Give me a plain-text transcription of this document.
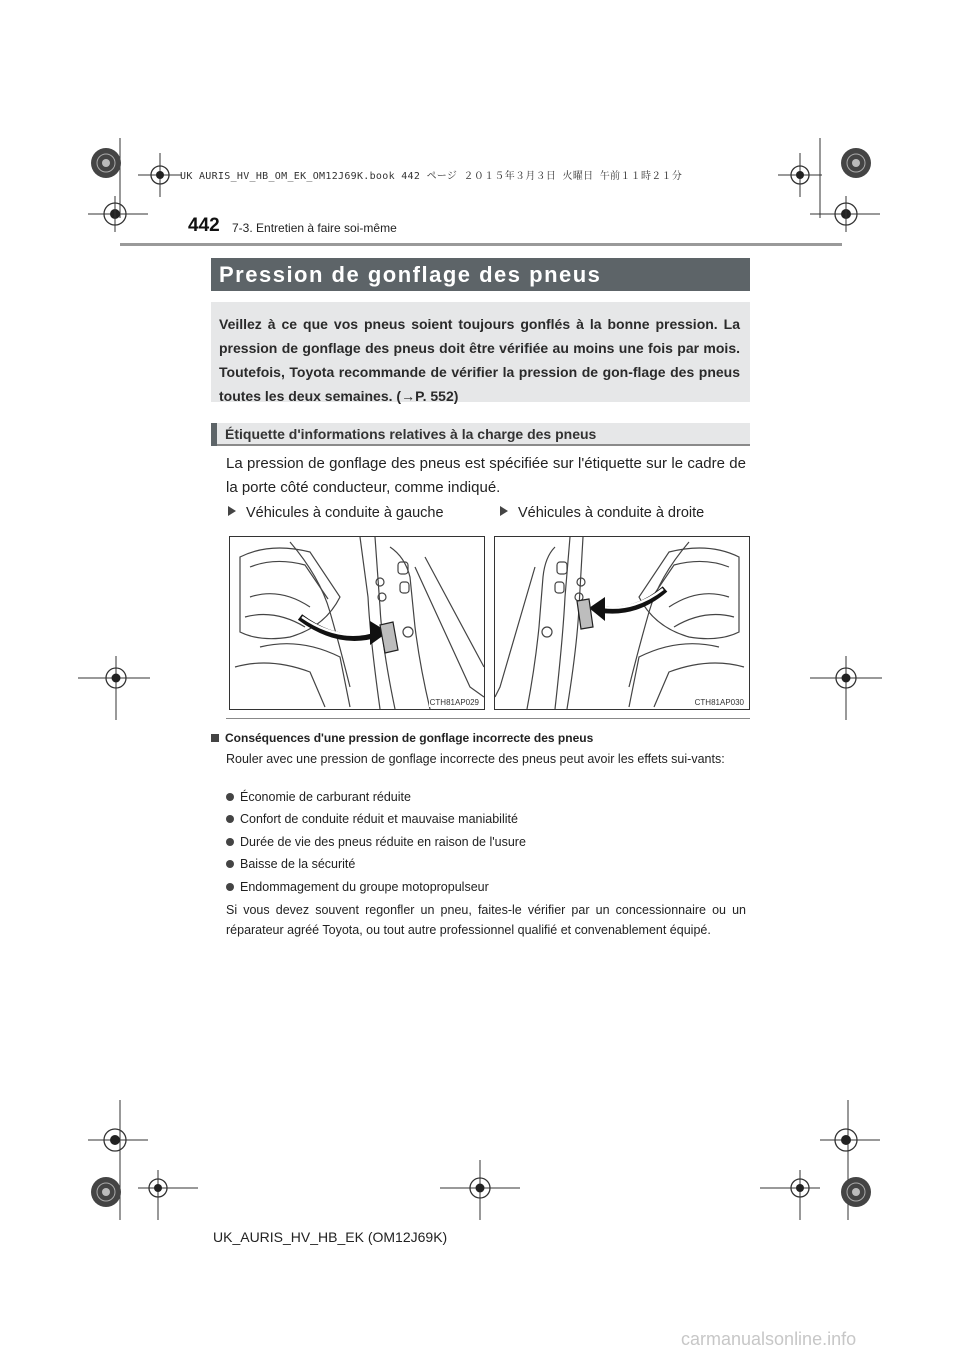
UK AURIS_HV_HB_OM_EK_OM12J69K.book 442 ページ ２０１５年３月３日 火曜日 午前１１時２１分
442 7-3. Entretien à faire soi-même
Pression de gonflage des pneus
Veillez à ce que vos pneus soient toujours gonflés à la bonne pression. La pression de gonflage des pneus doit être vérifiée au moins une fois par mois. Toutefois, Toyota recommande de vérifier la pression de gon-flage des pneus toutes les deux semaines. (→P. 552)
Étiquette d'informations relatives à la charge des pneus
La pression de gonflage des pneus est spécifiée sur l'étiquette sur le cadre de la porte côté conducteur, comme indiqué.
Véhicules à conduite à gauche	Véhicules à conduite à droite
CTH81AP029	CTH81AP030
Conséquences d'une pression de gonflage incorrecte des pneus
Rouler avec une pression de gonflage incorrecte des pneus peut avoir les effets sui-vants:
Économie de carburant réduite
Confort de conduite réduit et mauvaise maniabilité
Durée de vie des pneus réduite en raison de l'usure
Baisse de la sécurité
Endommagement du groupe motopropulseur
Si vous devez souvent regonfler un pneu, faites-le vérifier par un concessionnaire ou un réparateur agréé Toyota, ou tout autre professionnel qualifié et convenablement équipé.
UK_AURIS_HV_HB_EK (OM12J69K)
carmanualsonline.info
